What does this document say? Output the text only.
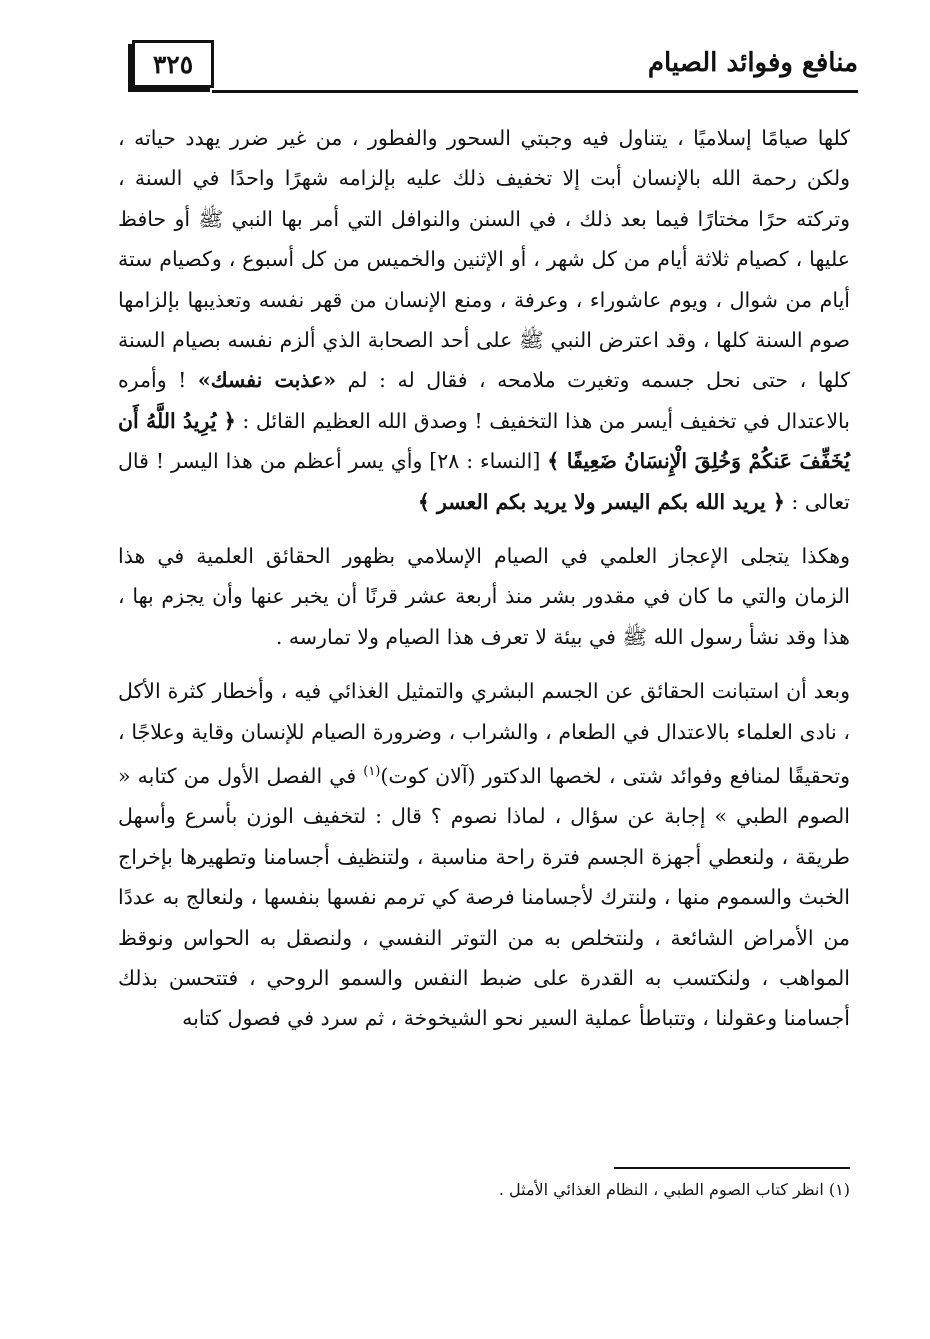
٣٢٥	منافع وفوائد الصيام

كلها صيامًا إسلاميًا ، يتناول فيه وجبتي السحور والفطور ، من غير ضرر يهدد حياته ، ولكن رحمة الله بالإنسان أبت إلا تخفيف ذلك عليه بإلزامه شهرًا واحدًا في السنة ، وتركته حرًا مختارًا فيما بعد ذلك ، في السنن والنوافل التي أمر بها النبي ﷺ أو حافظ عليها ، كصيام ثلاثة أيام من كل شهر ، أو الإثنين والخميس من كل أسبوع ، وكصيام ستة أيام من شوال ، ويوم عاشوراء ، وعرفة ، ومنع الإنسان من قهر نفسه وتعذيبها بإلزامها صوم السنة كلها ، وقد اعترض النبي ﷺ على أحد الصحابة الذي ألزم نفسه بصيام السنة كلها ، حتى نحل جسمه وتغيرت ملامحه ، فقال له : لم «عذبت نفسك» ! وأمره بالاعتدال في تخفيف أيسر من هذا التخفيف ! وصدق الله العظيم القائل : ﴿ يُرِيدُ اللَّهُ أَن يُخَفِّفَ عَنكُمْ وَخُلِقَ الْإِنسَانُ ضَعِيفًا ﴾ [النساء : ٢٨] وأي يسر أعظم من هذا اليسر ! قال تعالى : ﴿ يريد الله بكم اليسر ولا يريد بكم العسر ﴾

وهكذا يتجلى الإعجاز العلمي في الصيام الإسلامي بظهور الحقائق العلمية في هذا الزمان والتي ما كان في مقدور بشر منذ أربعة عشر قرنًا أن يخبر عنها وأن يجزم بها ، هذا وقد نشأ رسول الله ﷺ في بيئة لا تعرف هذا الصيام ولا تمارسه .

وبعد أن استبانت الحقائق عن الجسم البشري والتمثيل الغذائي فيه ، وأخطار كثرة الأكل ، نادى العلماء بالاعتدال في الطعام ، والشراب ، وضرورة الصيام للإنسان وقاية وعلاجًا ، وتحقيقًا لمنافع وفوائد شتى ، لخصها الدكتور (آلان كوت)$^{(١)}$ في الفصل الأول من كتابه « الصوم الطبي » إجابة عن سؤال ، لماذا نصوم ؟ قال : لتخفيف الوزن بأسرع وأسهل طريقة ، ولنعطي أجهزة الجسم فترة راحة مناسبة ، ولتنظيف أجسامنا وتطهيرها بإخراج الخبث والسموم منها ، ولنترك لأجسامنا فرصة كي ترمم نفسها بنفسها ، ولنعالج به عددًا من الأمراض الشائعة ، ولنتخلص به من التوتر النفسي ، ولنصقل به الحواس ونوقظ المواهب ، ولنكتسب به القدرة على ضبط النفس والسمو الروحي ، فتتحسن بذلك أجسامنا وعقولنا ، وتتباطأ عملية السير نحو الشيخوخة ، ثم سرد في فصول كتابه

(١) انظر كتاب الصوم الطبي ، النظام الغذائي الأمثل .
